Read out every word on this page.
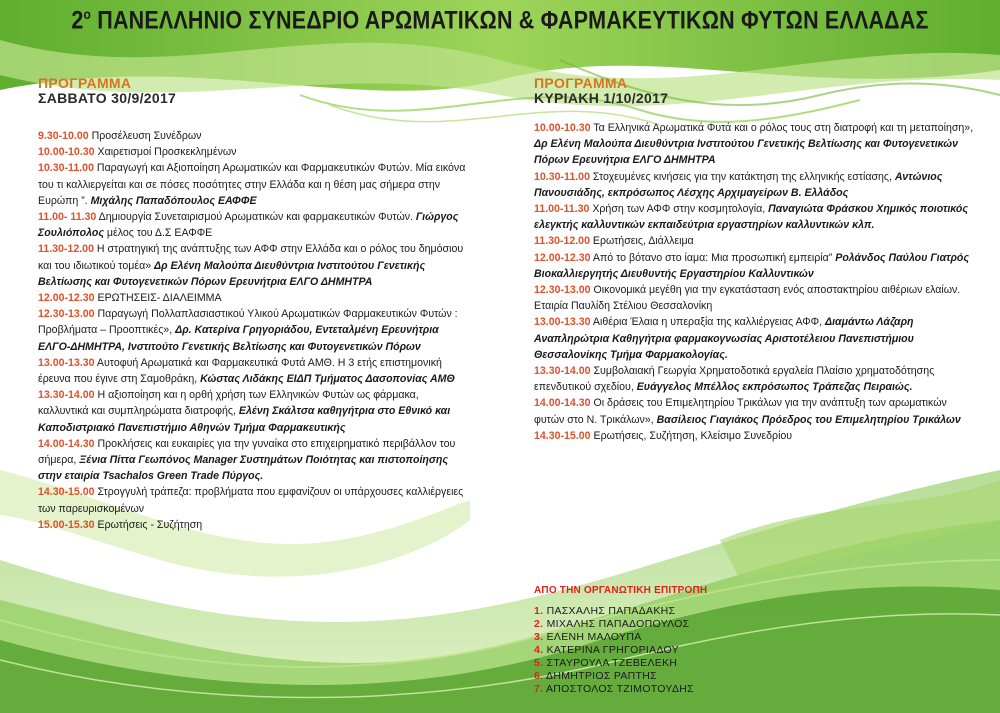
$2^o$ ΠΑΝΕΛΛΗΝΙΟ ΣΥΝΕΔΡΙΟ ΑΡΩΜΑΤΙΚΩΝ & ΦΑΡΜΑΚΕΥΤΙΚΩΝ ΦΥΤΩΝ ΕΛΛΑΔΑΣ
ΠΡΟΓΡΑΜΜΑ
ΣΑΒΒΑΤΟ 30/9/2017

9.30-10.00 Προσέλευση Συνέδρων

10.00-10.30 Χαιρετισμοί Προσκεκλημένων

10.30-11.00 Παραγωγή και Αξιοποίηση Αρωματικών και Φαρμακευτικών Φυτών. Μία εικόνα του τι καλλιεργείται και σε πόσες ποσότητες στην Ελλάδα και η θέση μας σήμερα στην Ευρώπη ”. Μιχάλης Παπαδόπουλος ΕΑΦΦΕ

11.00- 11.30 Δημιουργία Συνεταιρισμού Αρωματικών και φαρμακευτικών Φυτών. Γιώργος Σουλιόπολος μέλος του Δ.Σ ΕΑΦΦΕ

11.30-12.00 Η στρατηγική της ανάπτυξης των ΑΦΦ στην Ελλάδα και ο ρόλος του δημόσιου και του ιδιωτικού τομέα» Δρ Ελένη Μαλούπα Διευθύντρια Ινστιτούτου Γενετικής Βελτίωσης και Φυτογενετικών Πόρων Ερευνήτρια ΕΛΓΟ ΔΗΜΗΤΡΑ

12.00-12.30 ΕΡΩΤΗΣΕΙΣ- ΔΙΑΛΕΙΜΜΑ

12.30-13.00 Παραγωγή Πολλαπλασιαστικού Υλικού Αρωματικών Φαρμακευτικών Φυτών : Προβλήματα – Προοπτικές», Δρ. Κατερίνα Γρηγοριάδου, Εντεταλμένη Ερευνήτρια ΕΛΓΟ-ΔΗΜΗΤΡΑ, Ινστιτούτο Γενετικής Βελτίωσης και Φυτογενετικών Πόρων

13.00-13.30 Αυτοφυή Αρωματικά και Φαρμακευτικά Φυτά ΑΜΘ. Η 3 ετής επιστημονική έρευνα που έγινε στη Σαμοθράκη, Κώστας Λιδάκης ΕΙΔΠ Τμήματος Δασοπονίας ΑΜΘ

13.30-14.00 Η αξιοποίηση και η ορθή χρήση των Ελληνικών Φυτών ως φάρμακα, καλλυντικά και συμπληρώματα διατροφής, Ελένη Σκάλτσα καθηγήτρια στο Εθνικό και Καποδιστριακό Πανεπιστήμιο Αθηνών Τμήμα Φαρμακευτικής

14.00-14.30 Προκλήσεις και ευκαιρίες για την γυναίκα στο επιχειρηματικό περιβάλλον του σήμερα, Ξένια Πίττα Γεωπόνος Manager Συστημάτων Ποιότητας και πιστοποίησης στην εταιρία Tsachalos Green Trade Πύργος.

14.30-15.00 Στρογγυλή τράπεζα: προβλήματα που εμφανίζουν οι υπάρχουσες καλλιέργειες των παρευρισκομένων

15.00-15.30 Ερωτήσεις - Συζήτηση

ΠΡΟΓΡΑΜΜΑ
ΚΥΡΙΑΚΗ 1/10/2017

10.00-10.30 Τα Ελληνικά Αρωματικά Φυτά και ο ρόλος τους στη διατροφή και τη μεταποίηση», Δρ Ελένη Μαλούπα Διευθύντρια Ινστιτούτου Γενετικής Βελτίωσης και Φυτογενετικών Πόρων Ερευνήτρια ΕΛΓΟ ΔΗΜΗΤΡΑ

10.30-11.00 Στοχευμένες κινήσεις για την κατάκτηση της ελληνικής εστίασης, Αντώνιος Πανουσιάδης, εκπρόσωπος Λέσχης Αρχιμαγείρων Β. Ελλάδος

11.00-11.30 Χρήση των ΑΦΦ στην κοσμητολογία, Παναγιώτα Φράσκου Χημικός ποιοτικός ελεγκτής καλλυντικών εκπαιδεύτρια εργαστηρίων καλλυντικών κλπ.

11.30-12.00 Ερωτήσεις, Διάλλειμα

12.00-12.30 Από το βότανο στο ίαμα: Μια προσωπική εμπειρία” Ρολάνδος Παύλου Γιατρός Βιοκαλλιεργητής Διευθυντής Εργαστηρίου Καλλυντικών

12.30-13.00 Οικονομικά μεγέθη για την εγκατάσταση ενός αποστακτηρίου αιθέριων ελαίων. Εταιρία Παυλίδη Στέλιου Θεσσαλονίκη

13.00-13.30 Αιθέρια Έλαια η υπεραξία της καλλιέργειας ΑΦΦ, Διαμάντω Λάζαρη Αναπληρώτρια Καθηγήτρια φαρμακογνωσίας Αριστοτέλειου Πανεπιστήμιου Θεσσαλονίκης Τμήμα Φαρμακολογίας.

13.30-14.00 Συμβολαιακή Γεωργία Χρηματοδοτικά εργαλεία Πλαίσιο χρηματοδότησης επενδυτικού σχεδίου, Ευάγγελος Μπέλλος εκπρόσωπος Τράπεζας Πειραιώς.

14.00-14.30 Οι δράσεις του Επιμελητηρίου Τρικάλων για την ανάπτυξη των αρωματικών φυτών στο Ν. Τρικάλων», Βασίλειος Γιαγιάκος Πρόεδρος του Επιμελητηρίου Τρικάλων

14.30-15.00 Ερωτήσεις, Συζήτηση, Κλείσιμο Συνεδρίου

ΑΠΟ ΤΗΝ ΟΡΓΑΝΩΤΙΚΗ ΕΠΙΤΡΟΠΗ
1. ΠΑΣΧΑΛΗΣ ΠΑΠΑΔΑΚΗΣ
2. ΜΙΧΑΛΗΣ ΠΑΠΑΔΟΠΟΥΛΟΣ
3. ΕΛΕΝΗ ΜΑΛΟΥΠΑ
4. ΚΑΤΕΡΙΝΑ ΓΡΗΓΟΡΙΑΔΟΥ
5. ΣΤΑΥΡΟΥΛΑ ΤΖΕΒΕΛΕΚΗ
6. ΔΗΜΗΤΡΙΟΣ ΡΑΠΤΗΣ
7. ΑΠΟΣΤΟΛΟΣ ΤΖΙΜΟΤΟΥΔΗΣ
